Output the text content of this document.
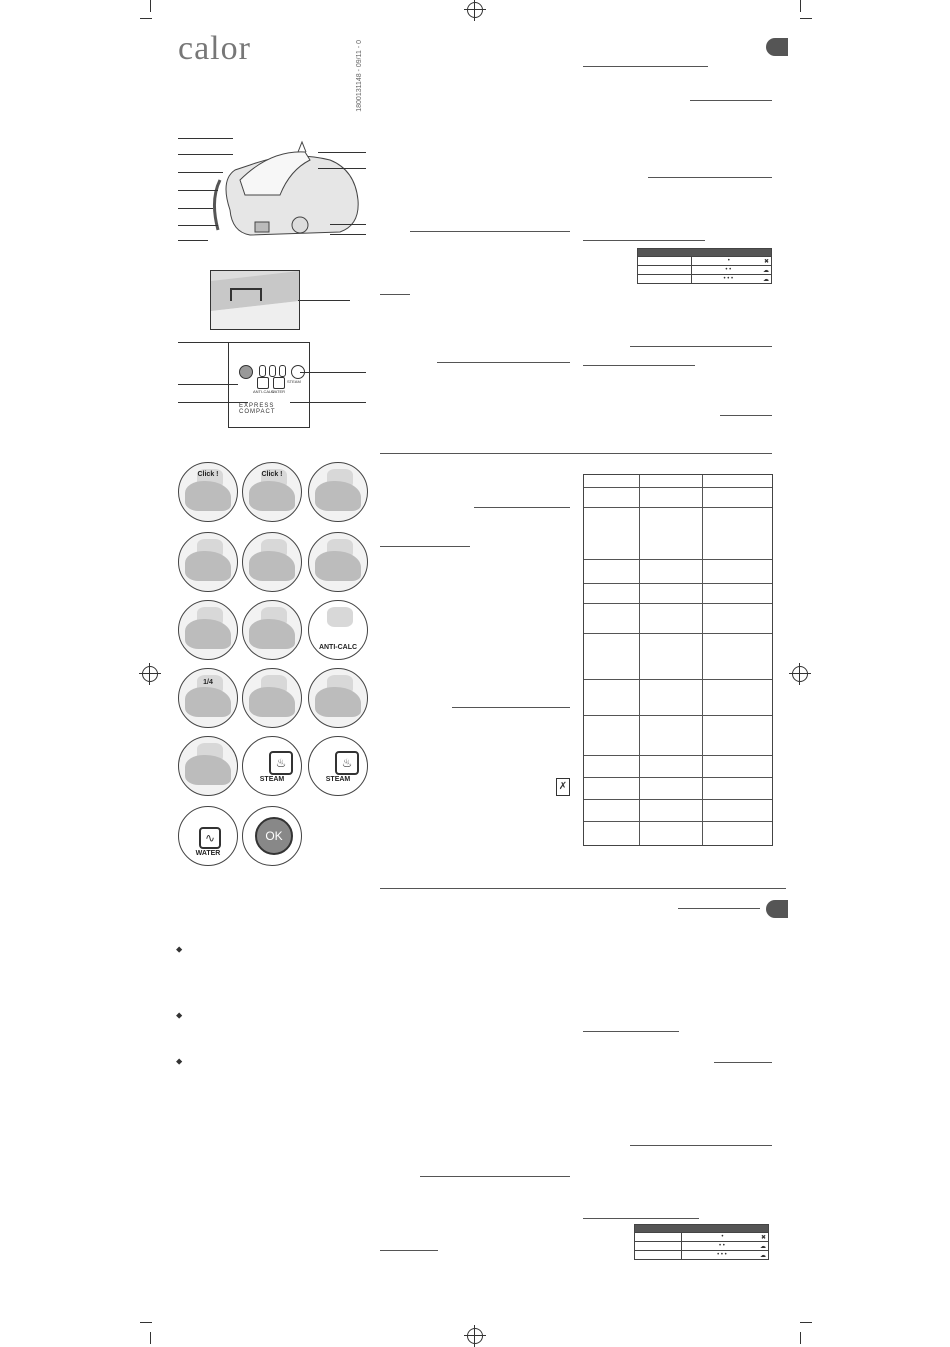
calor	1800131148 - 09/11 - 0
STEAM
ANTI-CALC
WATER
EXPRESS COMPACT
Click !	Click !
ANTI-CALC
1/4
♨
STEAM
♨
STEAM
∿
WATER
OK

	• ✖

	• • ☁

	• • • ☁

	• ✖

	• • ☁

	• • • ☁
✗
⬥
⬥
⬥
